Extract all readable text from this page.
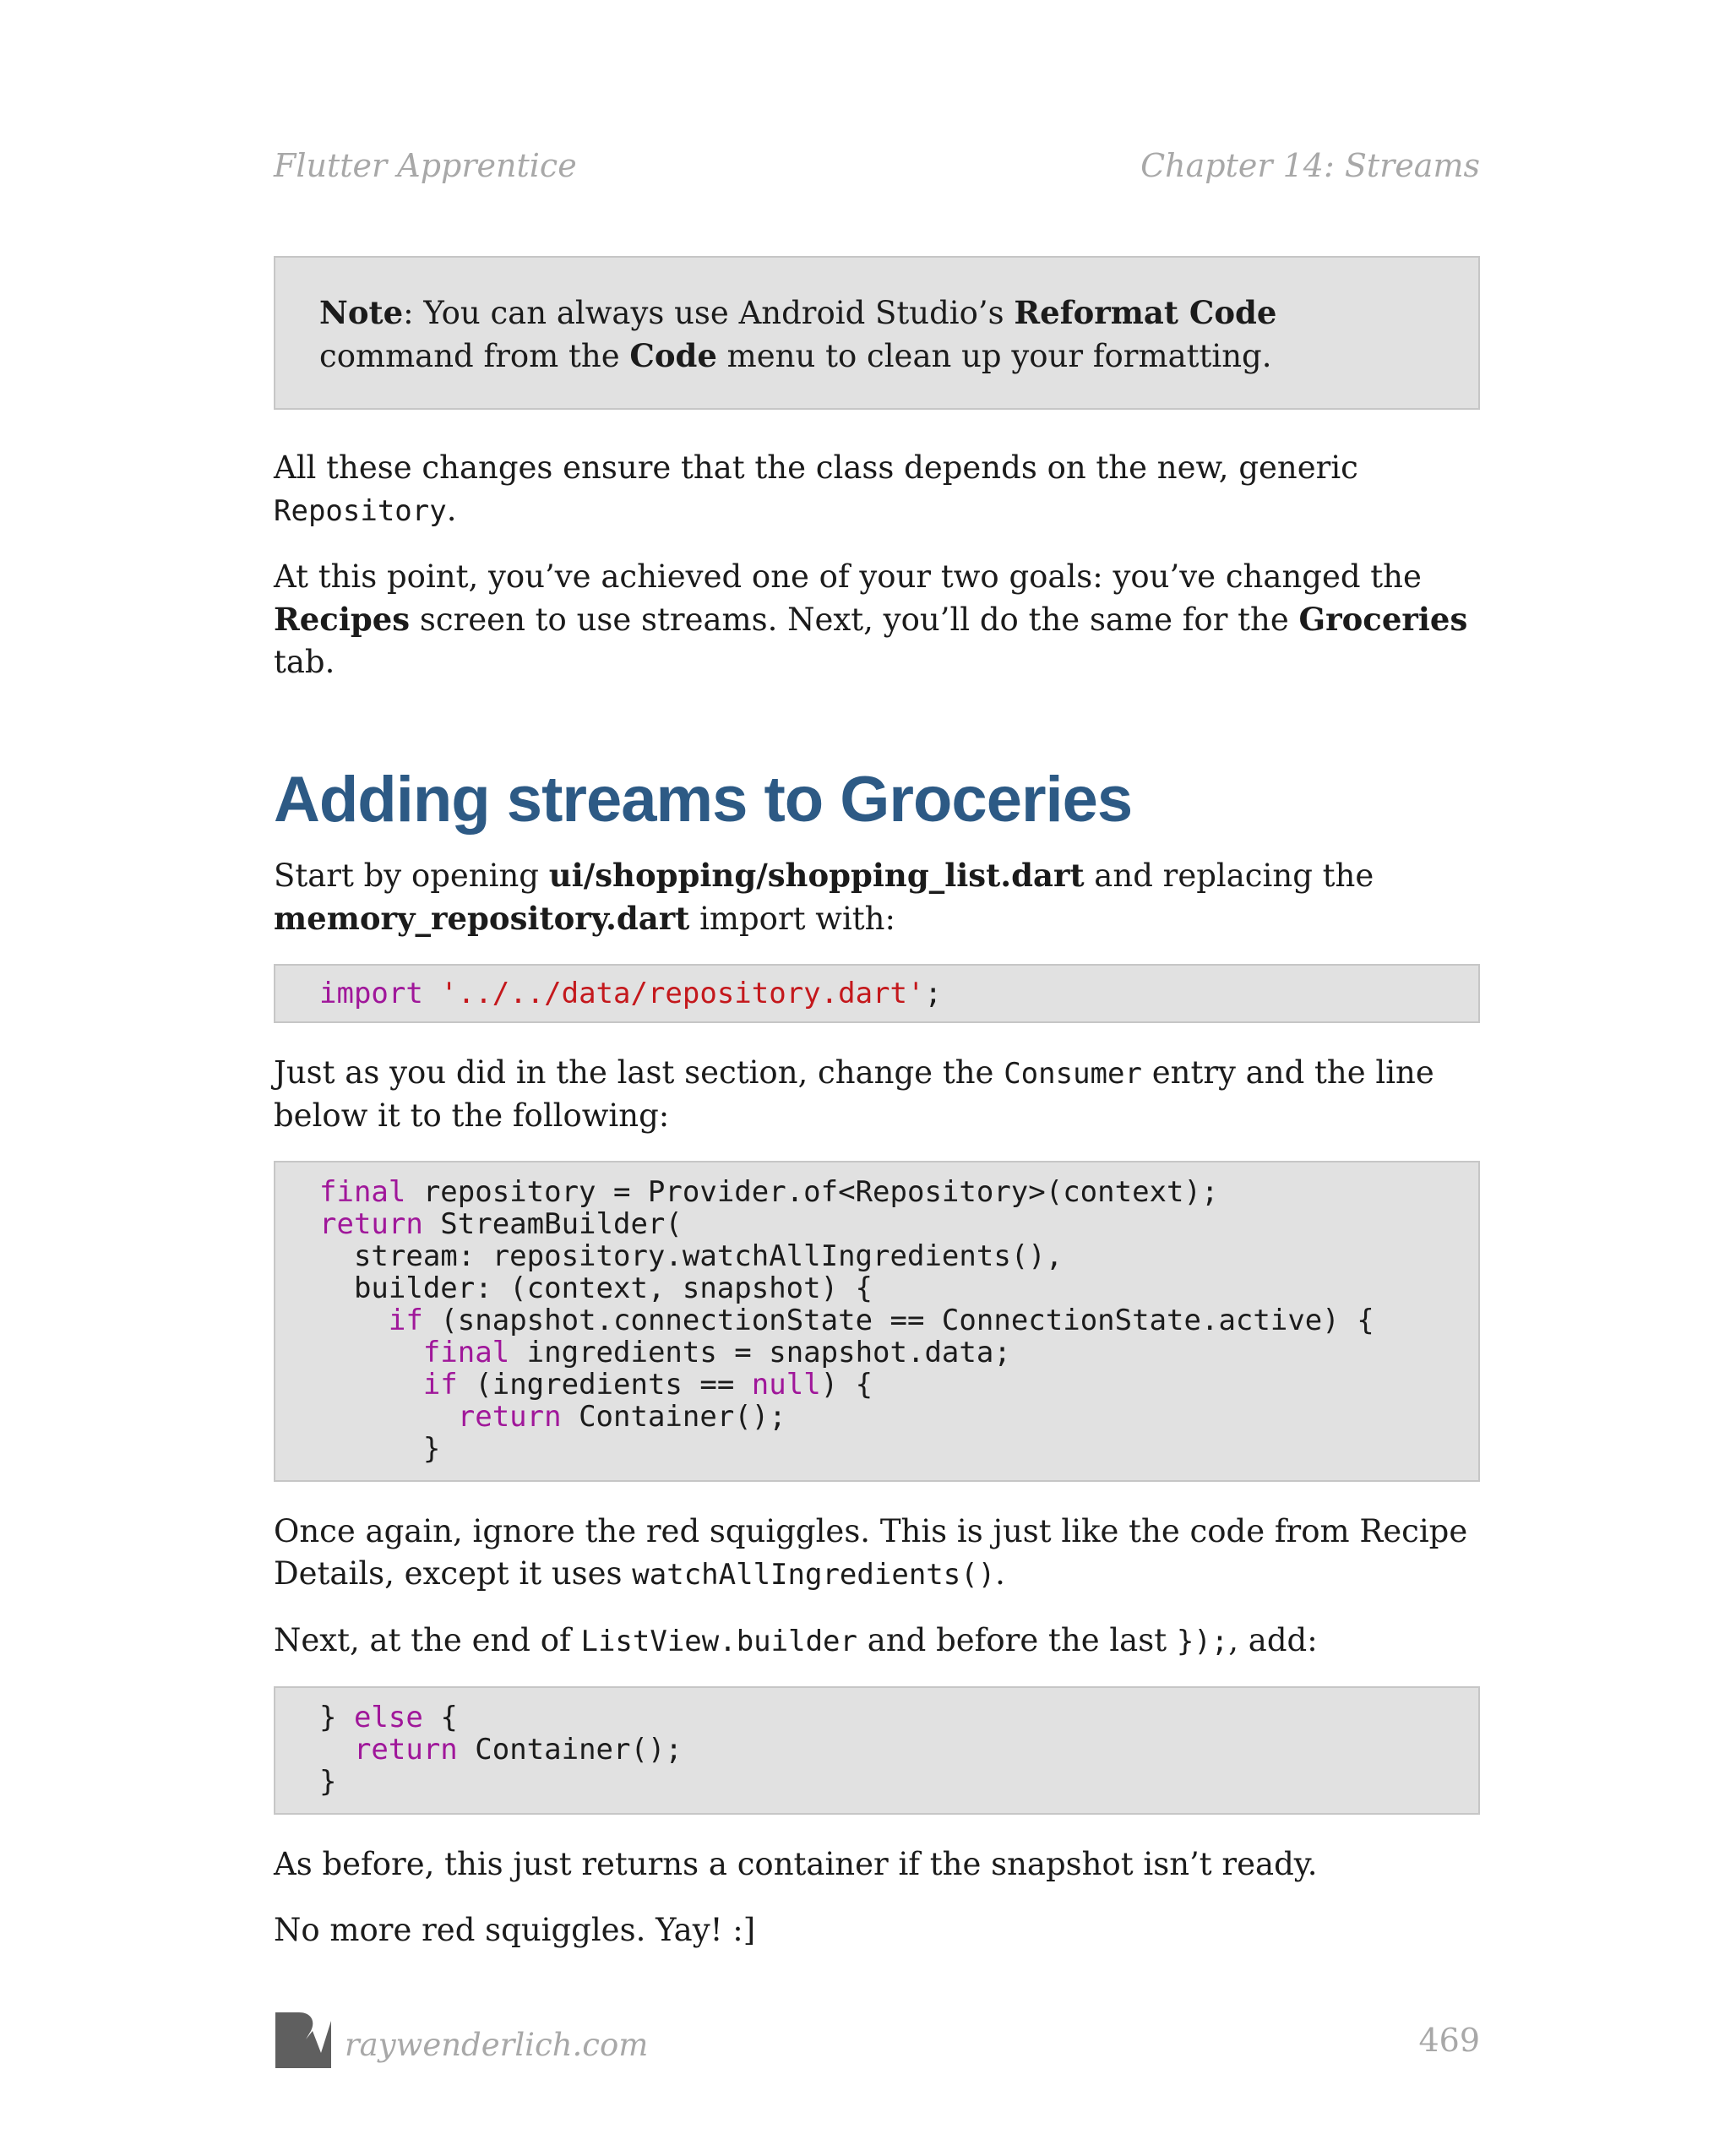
Flutter Apprentice	Chapter 14: Streams
Note: You can always use Android Studio’s Reformat Code command from the Code menu to clean up your formatting.

All these changes ensure that the class depends on the new, generic Repository.

At this point, you’ve achieved one of your two goals: you’ve changed the Recipes screen to use streams. Next, you’ll do the same for the Groceries tab.

Adding streams to Groceries

Start by opening ui/shopping/shopping_list.dart and replacing the memory_repository.dart import with:

import '../../data/repository.dart';

Just as you did in the last section, change the Consumer entry and the line below it to the following:

final repository = Provider.of<Repository>(context);
return StreamBuilder(
stream: repository.watchAllIngredients(),
builder: (context, snapshot) {
if (snapshot.connectionState == ConnectionState.active) {
final ingredients = snapshot.data;
if (ingredients == null) {
return Container();
}

Once again, ignore the red squiggles. This is just like the code from Recipe Details, except it uses watchAllIngredients().

Next, at the end of ListView.builder and before the last });, add:

} else {
return Container();
}

As before, this just returns a container if the snapshot isn’t ready.

No more red squiggles. Yay! :]

raywenderlich.com	469
